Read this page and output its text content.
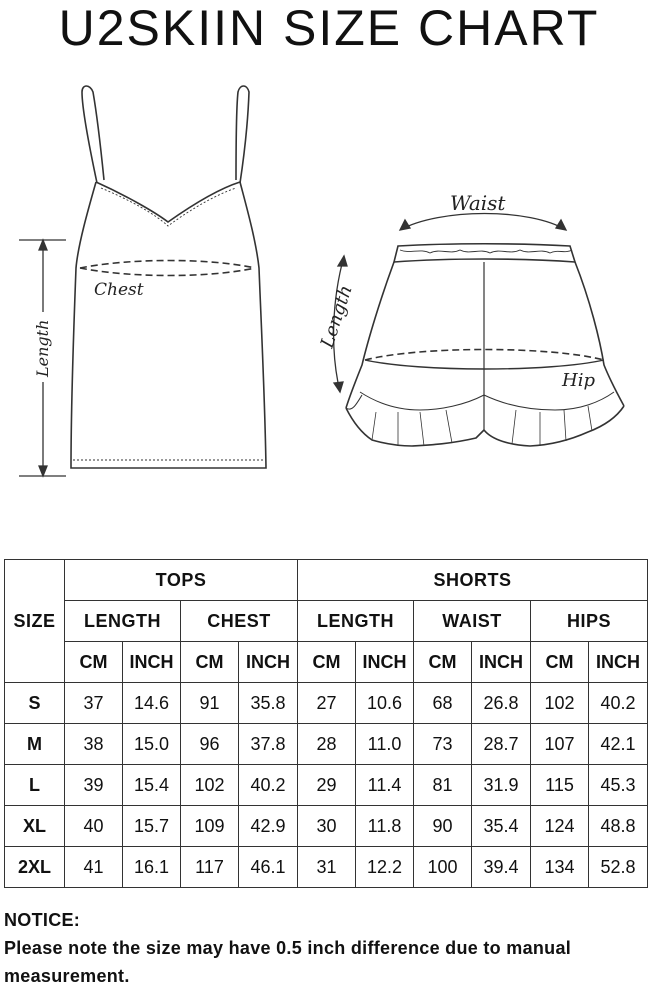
U2SKIIN SIZE CHART
Chest
Length
Waist
Length
Hip
SIZE	TOPS				SHORTS					
	LENGTH		CHEST		LENGTH		WAIST		HIPS	
	CM	INCH	CM	INCH	CM	INCH	CM	INCH	CM	INCH
S	37	14.6	91	35.8	27	10.6	68	26.8	102	40.2
M	38	15.0	96	37.8	28	11.0	73	28.7	107	42.1
L	39	15.4	102	40.2	29	11.4	81	31.9	115	45.3
XL	40	15.7	109	42.9	30	11.8	90	35.4	124	48.8
2XL	41	16.1	117	46.1	31	12.2	100	39.4	134	52.8
NOTICE:
Please note the size may have 0.5 inch difference due to manual measurement.
